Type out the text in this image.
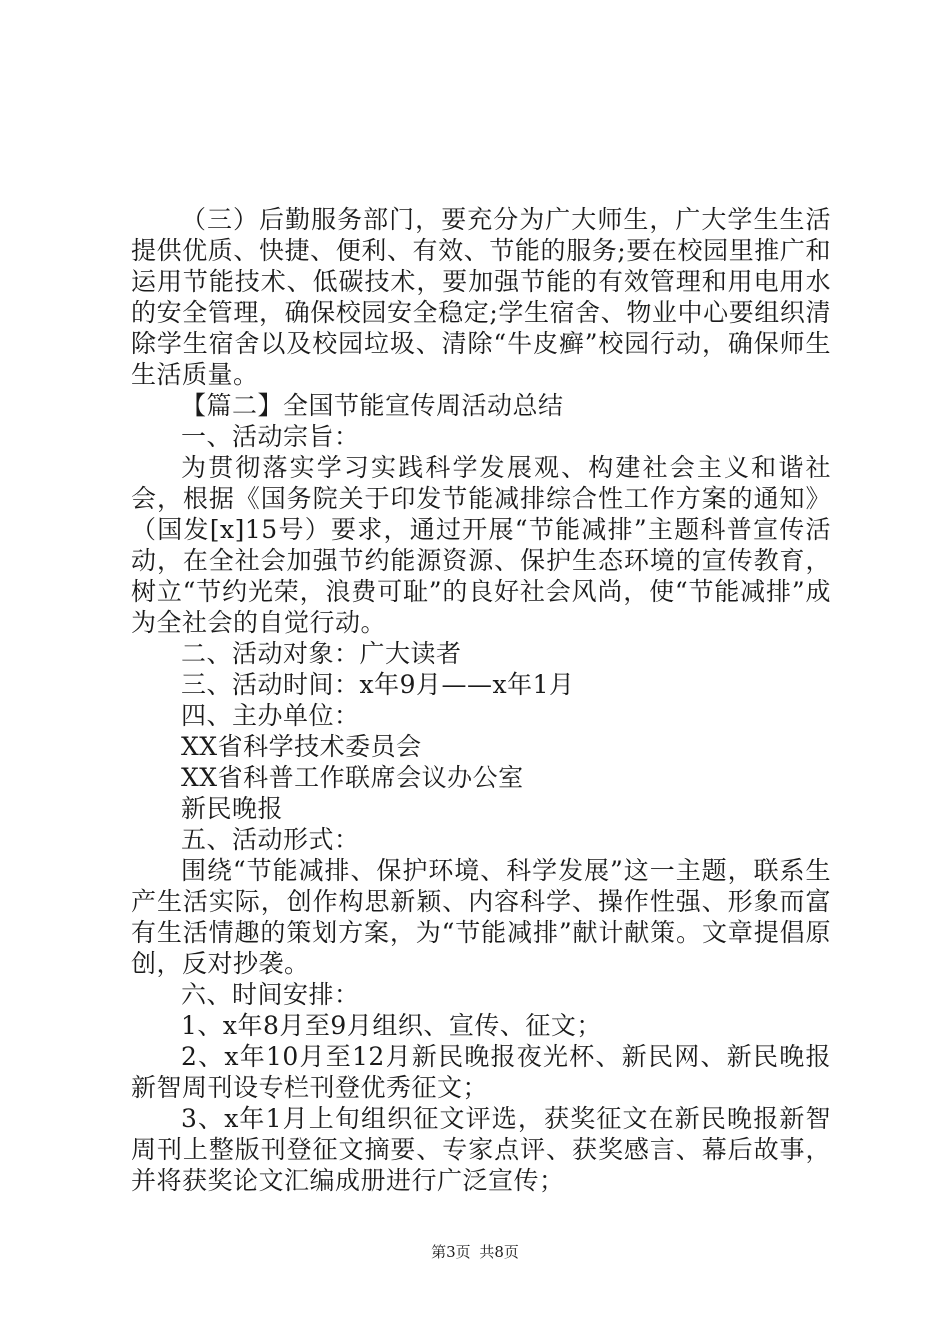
（三）后勤服务部门，要充分为广大师生，广大学生生活提供优质、快捷、便利、有效、节能的服务;要在校园里推广和运用节能技术、低碳技术，要加强节能的有效管理和用电用水的安全管理，确保校园安全稳定;学生宿舍、物业中心要组织清除学生宿舍以及校园垃圾、清除“牛皮癣”校园行动，确保师生生活质量。

【篇二】全国节能宣传周活动总结

一、活动宗旨：

为贯彻落实学习实践科学发展观、构建社会主义和谐社会，根据《国务院关于印发节能减排综合性工作方案的通知》（国发[x]15号）要求，通过开展“节能减排”主题科普宣传活动，在全社会加强节约能源资源、保护生态环境的宣传教育，树立“节约光荣，浪费可耻”的良好社会风尚，使“节能减排”成为全社会的自觉行动。

二、活动对象：广大读者

三、活动时间：x年9月——x年1月

四、主办单位：

XX省科学技术委员会

XX省科普工作联席会议办公室

新民晚报

五、活动形式：

围绕“节能减排、保护环境、科学发展”这一主题，联系生产生活实际，创作构思新颖、内容科学、操作性强、形象而富有生活情趣的策划方案，为“节能减排”献计献策。文章提倡原创，反对抄袭。

六、时间安排：

1、x年8月至9月组织、宣传、征文；

2、x年10月至12月新民晚报夜光杯、新民网、新民晚报新智周刊设专栏刊登优秀征文；

3、x年1月上旬组织征文评选，获奖征文在新民晚报新智周刊上整版刊登征文摘要、专家点评、获奖感言、幕后故事，并将获奖论文汇编成册进行广泛宣传；

第3页 共8页
